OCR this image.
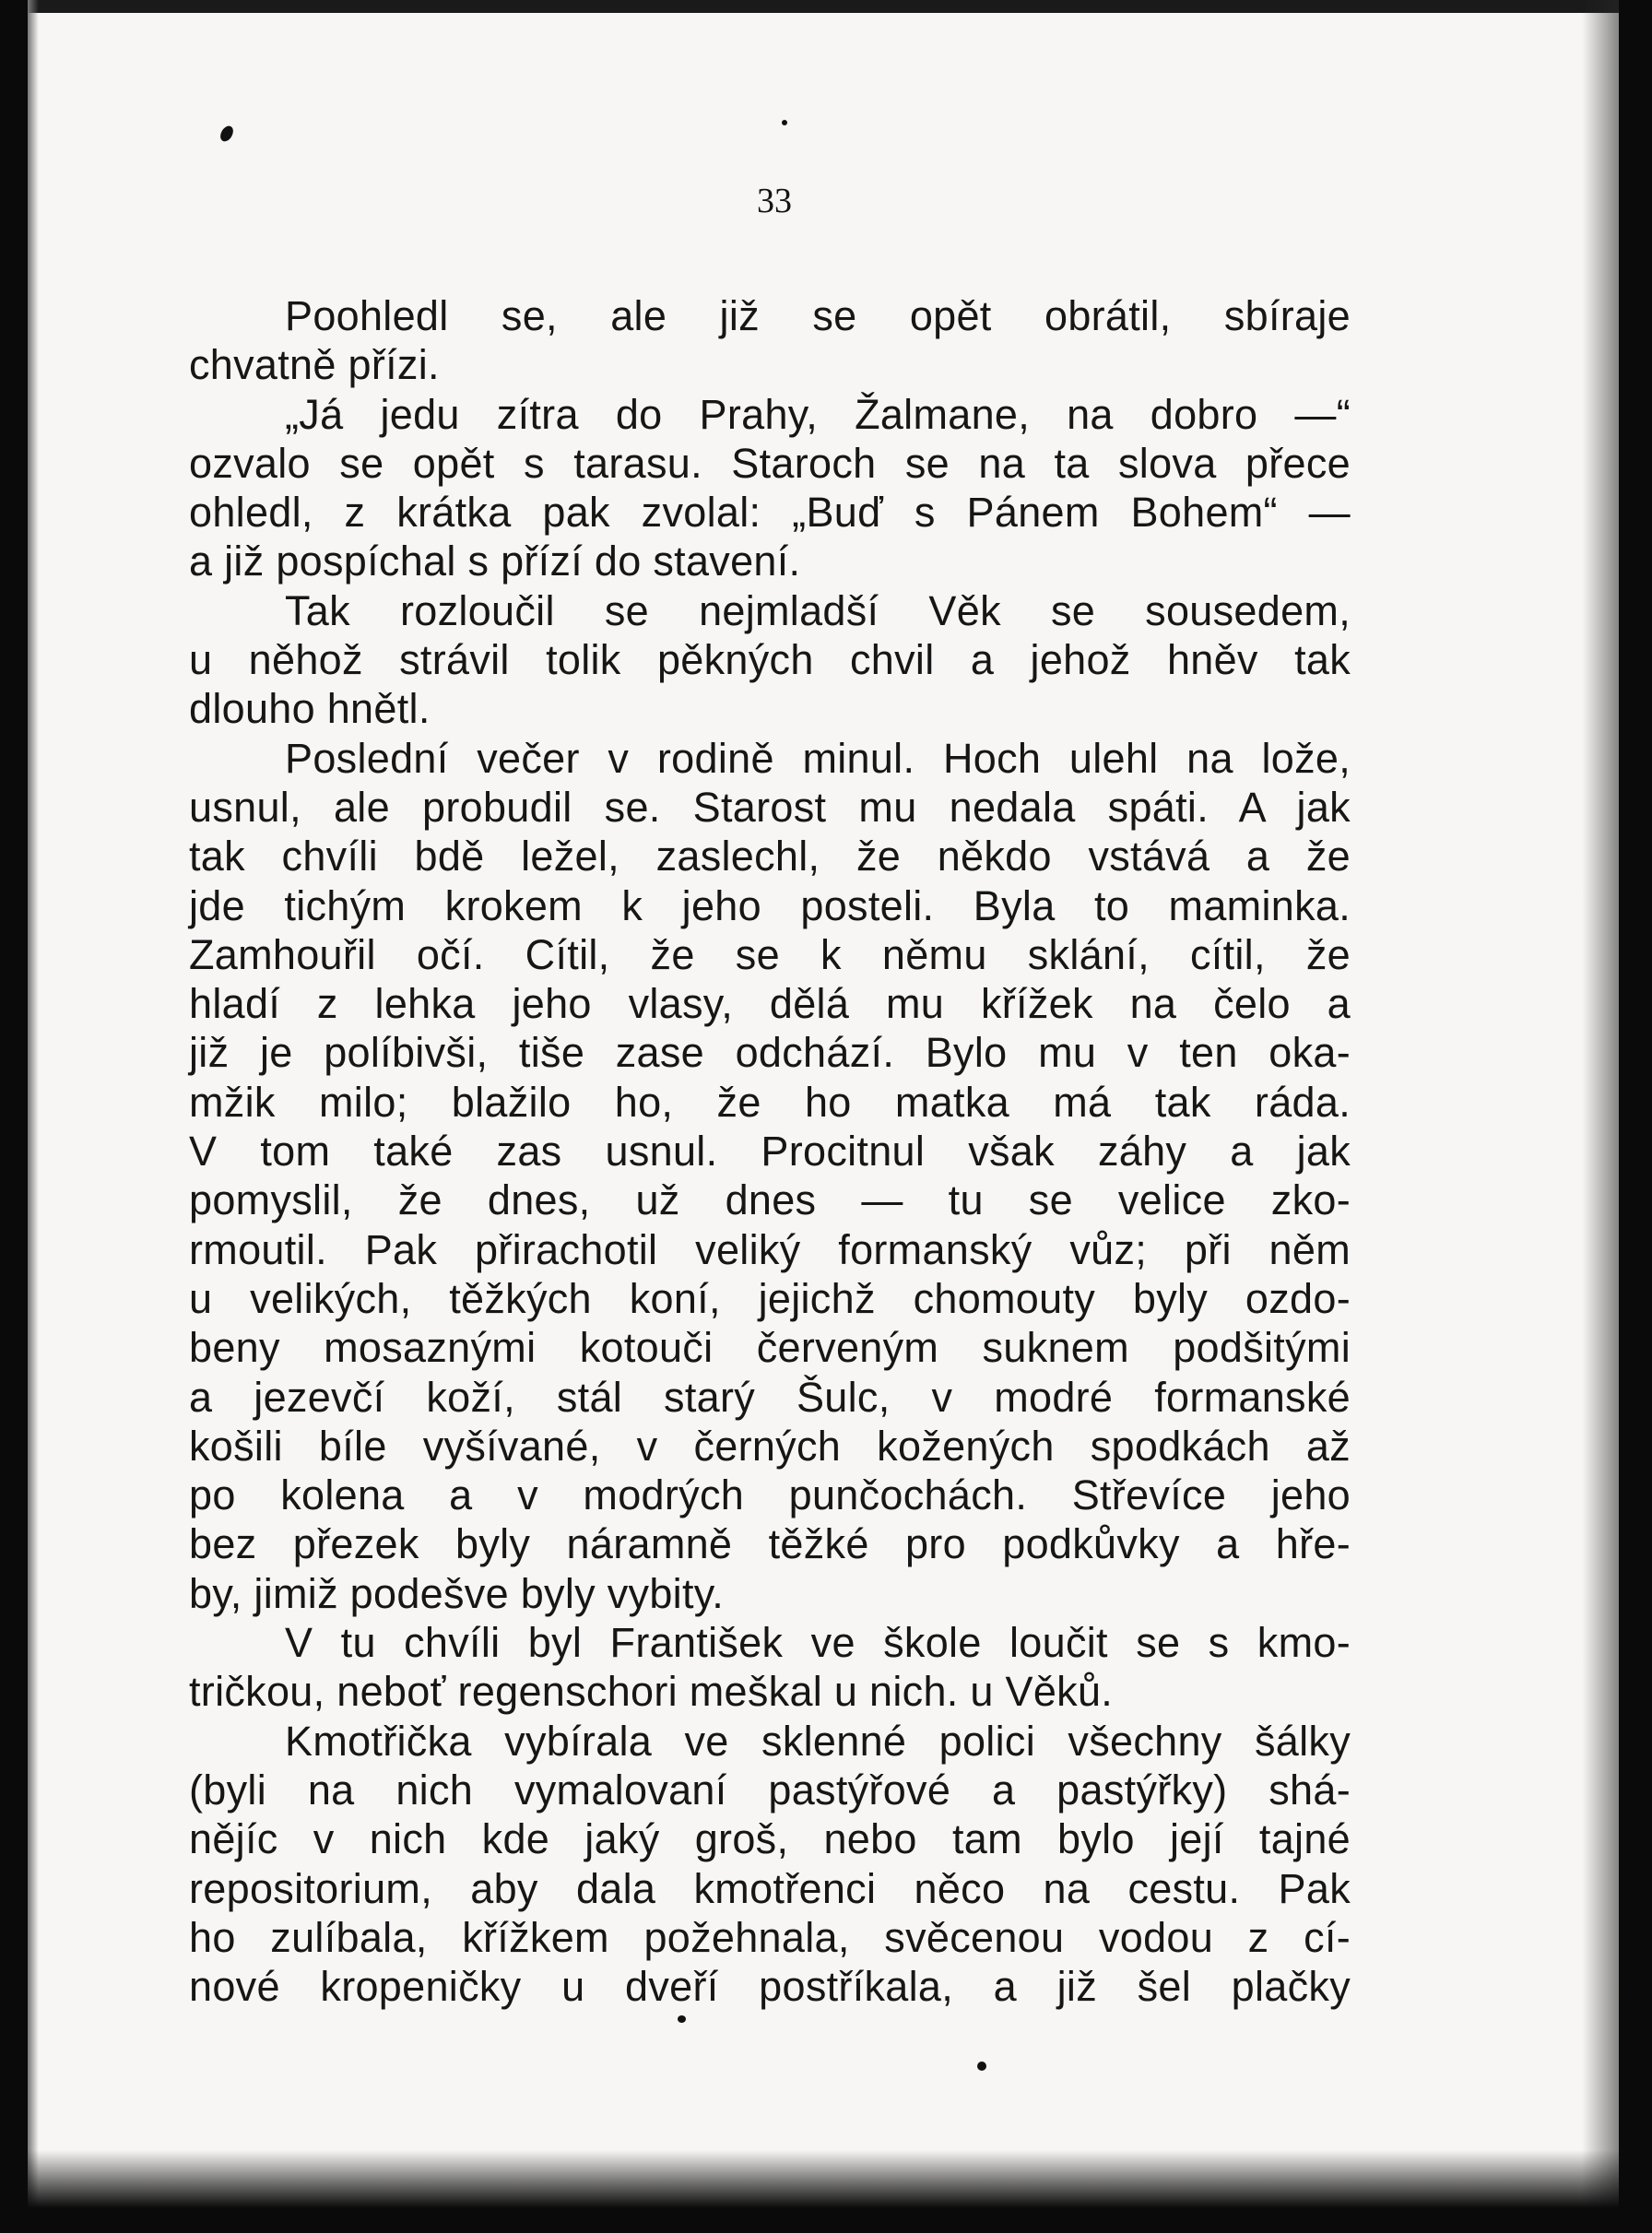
33
Poohledl se, ale již se opět obrátil, sbíraje
chvatně přízi.
„Já jedu zítra do Prahy, Žalmane, na dobro —“
ozvalo se opět s tarasu. Staroch se na ta slova přece
ohledl, z krátka pak zvolal: „Buď s Pánem Bohem“ —
a již pospíchal s přízí do stavení.
Tak rozloučil se nejmladší Věk se sousedem,
u něhož strávil tolik pěkných chvil a jehož hněv tak
dlouho hnětl.
Poslední večer v rodině minul. Hoch ulehl na lože,
usnul, ale probudil se. Starost mu nedala spáti. A jak
tak chvíli bdě ležel, zaslechl, že někdo vstává a že
jde tichým krokem k jeho posteli. Byla to maminka.
Zamhouřil očí. Cítil, že se k němu sklání, cítil, že
hladí z lehka jeho vlasy, dělá mu křížek na čelo a
již je políbivši, tiše zase odchází. Bylo mu v ten oka-
mžik milo; blažilo ho, že ho matka má tak ráda.
V tom také zas usnul. Procitnul však záhy a jak
pomyslil, že dnes, už dnes — tu se velice zko-
rmoutil. Pak přirachotil veliký formanský vůz; při něm
u velikých, těžkých koní, jejichž chomouty byly ozdo-
beny mosaznými kotouči červeným suknem podšitými
a jezevčí koží, stál starý Šulc, v modré formanské
košili bíle vyšívané, v černých kožených spodkách až
po kolena a v modrých punčochách. Střevíce jeho
bez přezek byly náramně těžké pro podkůvky a hře-
by, jimiž podešve byly vybity.
V tu chvíli byl František ve škole loučit se s kmo-
tričkou, neboť regenschori meškal u nich. u Věků.
Kmotřička vybírala ve sklenné polici všechny šálky
(byli na nich vymalovaní pastýřové a pastýřky) shá-
nějíc v nich kde jaký groš, nebo tam bylo její tajné
repositorium, aby dala kmotřenci něco na cestu. Pak
ho zulíbala, křížkem požehnala, svěcenou vodou z cí-
nové kropeničky u dveří postříkala, a již šel plačky
